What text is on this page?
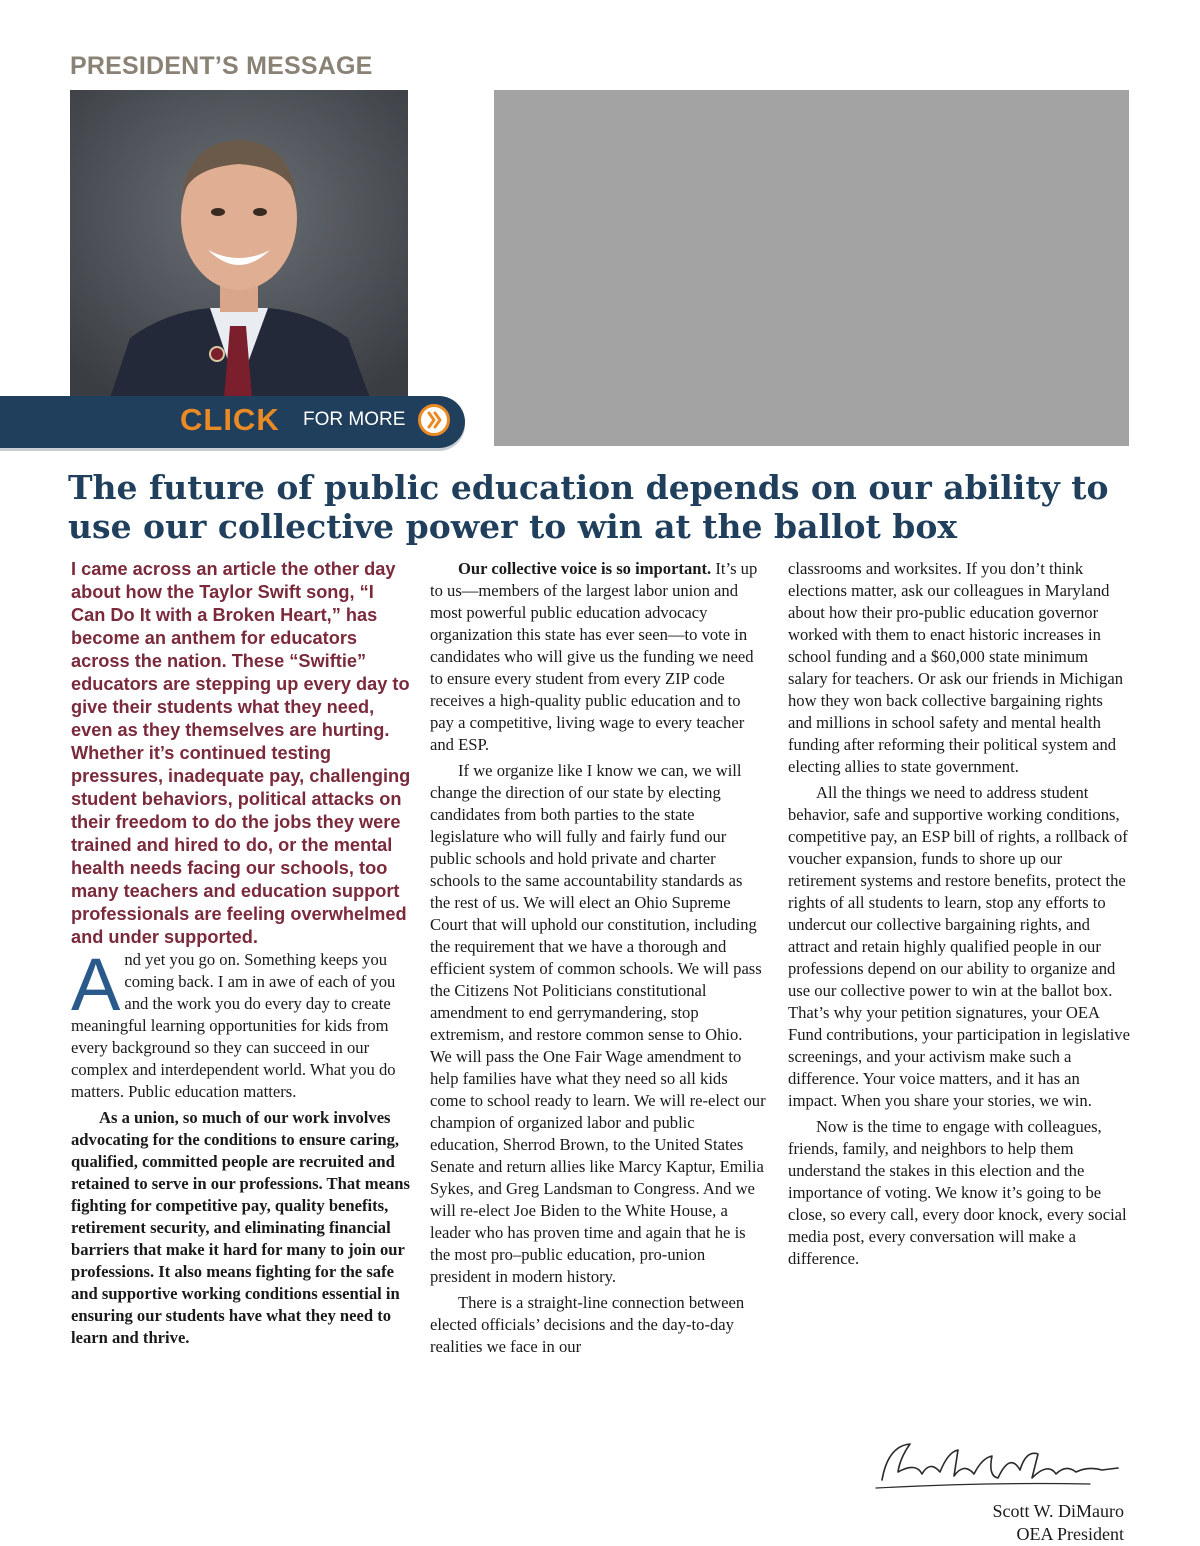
PRESIDENT’S MESSAGE
CLICK FOR MORE
The future of public education depends on our ability to use our collective power to win at the ballot box

I came across an article the other day about how the Taylor Swift song, “I Can Do It with a Broken Heart,” has become an anthem for educators across the nation. These “Swiftie” educators are stepping up every day to give their students what they need, even as they themselves are hurting. Whether it’s continued testing pressures, inadequate pay, challenging student behaviors, political attacks on their freedom to do the jobs they were trained and hired to do, or the mental health needs facing our schools, too many teachers and education support professionals are feeling overwhelmed and under supported.

And yet you go on. Something keeps you coming back. I am in awe of each of you and the work you do every day to create meaningful learning opportunities for kids from every background so they can succeed in our complex and interdependent world. What you do matters. Public education matters.

As a union, so much of our work involves advocating for the conditions to ensure caring, qualified, committed people are recruited and retained to serve in our professions. That means fighting for competitive pay, quality benefits, retirement security, and eliminating financial barriers that make it hard for many to join our professions. It also means fighting for the safe and supportive working conditions essential in ensuring our students have what they need to learn and thrive.

Our collective voice is so important. It’s up to us—members of the largest labor union and most powerful public education advocacy organization this state has ever seen—to vote in candidates who will give us the funding we need to ensure every student from every ZIP code receives a high-quality public education and to pay a competitive, living wage to every teacher and ESP.

If we organize like I know we can, we will change the direction of our state by electing candidates from both parties to the state legislature who will fully and fairly fund our public schools and hold private and charter schools to the same accountability standards as the rest of us. We will elect an Ohio Supreme Court that will uphold our constitution, including the requirement that we have a thorough and efficient system of common schools. We will pass the Citizens Not Politicians constitutional amendment to end gerrymandering, stop extremism, and restore common sense to Ohio. We will pass the One Fair Wage amendment to help families have what they need so all kids come to school ready to learn. We will re-elect our champion of organized labor and public education, Sherrod Brown, to the United States Senate and return allies like Marcy Kaptur, Emilia Sykes, and Greg Landsman to Congress. And we will re-elect Joe Biden to the White House, a leader who has proven time and again that he is the most pro–public education, pro-union president in modern history.

There is a straight-line connection between elected officials’ decisions and the day-to-day realities we face in our

classrooms and worksites. If you don’t think elections matter, ask our colleagues in Maryland about how their pro-public education governor worked with them to enact historic increases in school funding and a $60,000 state minimum salary for teachers. Or ask our friends in Michigan how they won back collective bargaining rights and millions in school safety and mental health funding after reforming their political system and electing allies to state government.

All the things we need to address student behavior, safe and supportive working conditions, competitive pay, an ESP bill of rights, a rollback of voucher expansion, funds to shore up our retirement systems and restore benefits, protect the rights of all students to learn, stop any efforts to undercut our collective bargaining rights, and attract and retain highly qualified people in our professions depend on our ability to organize and use our collective power to win at the ballot box. That’s why your petition signatures, your OEA Fund contributions, your participation in legislative screenings, and your activism make such a difference. Your voice matters, and it has an impact. When you share your stories, we win.

Now is the time to engage with colleagues, friends, family, and neighbors to help them understand the stakes in this election and the importance of voting. We know it’s going to be close, so every call, every door knock, every social media post, every conversation will make a difference.

Scott W. DiMauro
OEA President
